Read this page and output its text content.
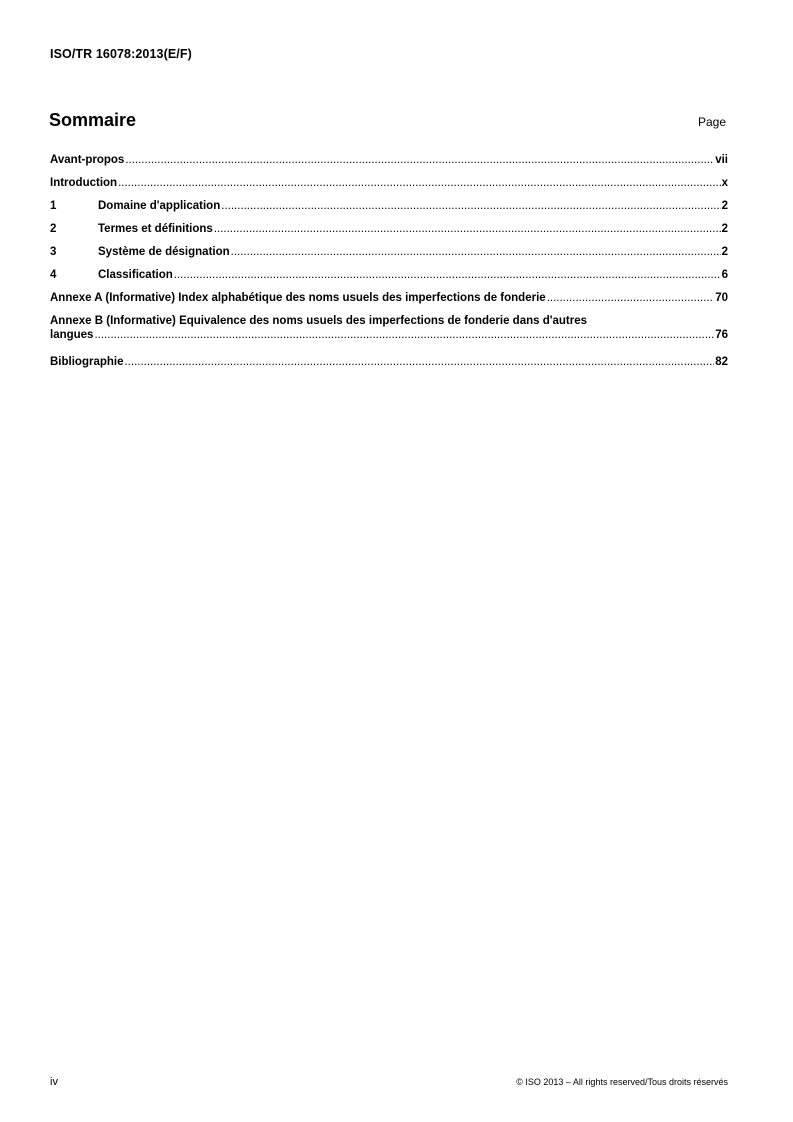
ISO/TR 16078:2013(E/F)
Sommaire	Page
Avant-propos .....	vii
Introduction .....	x
1	Domaine d'application .....	2
2	Termes et définitions .....	2
3	Système de désignation .....	2
4	Classification .....	6
Annexe A (Informative) Index alphabétique des noms usuels des imperfections de fonderie .....	70
Annexe B (Informative) Equivalence des noms usuels des imperfections de fonderie dans d'autres
langues .....	76
Bibliographie .....	82
iv	© ISO 2013 – All rights reserved/Tous droits réservés
